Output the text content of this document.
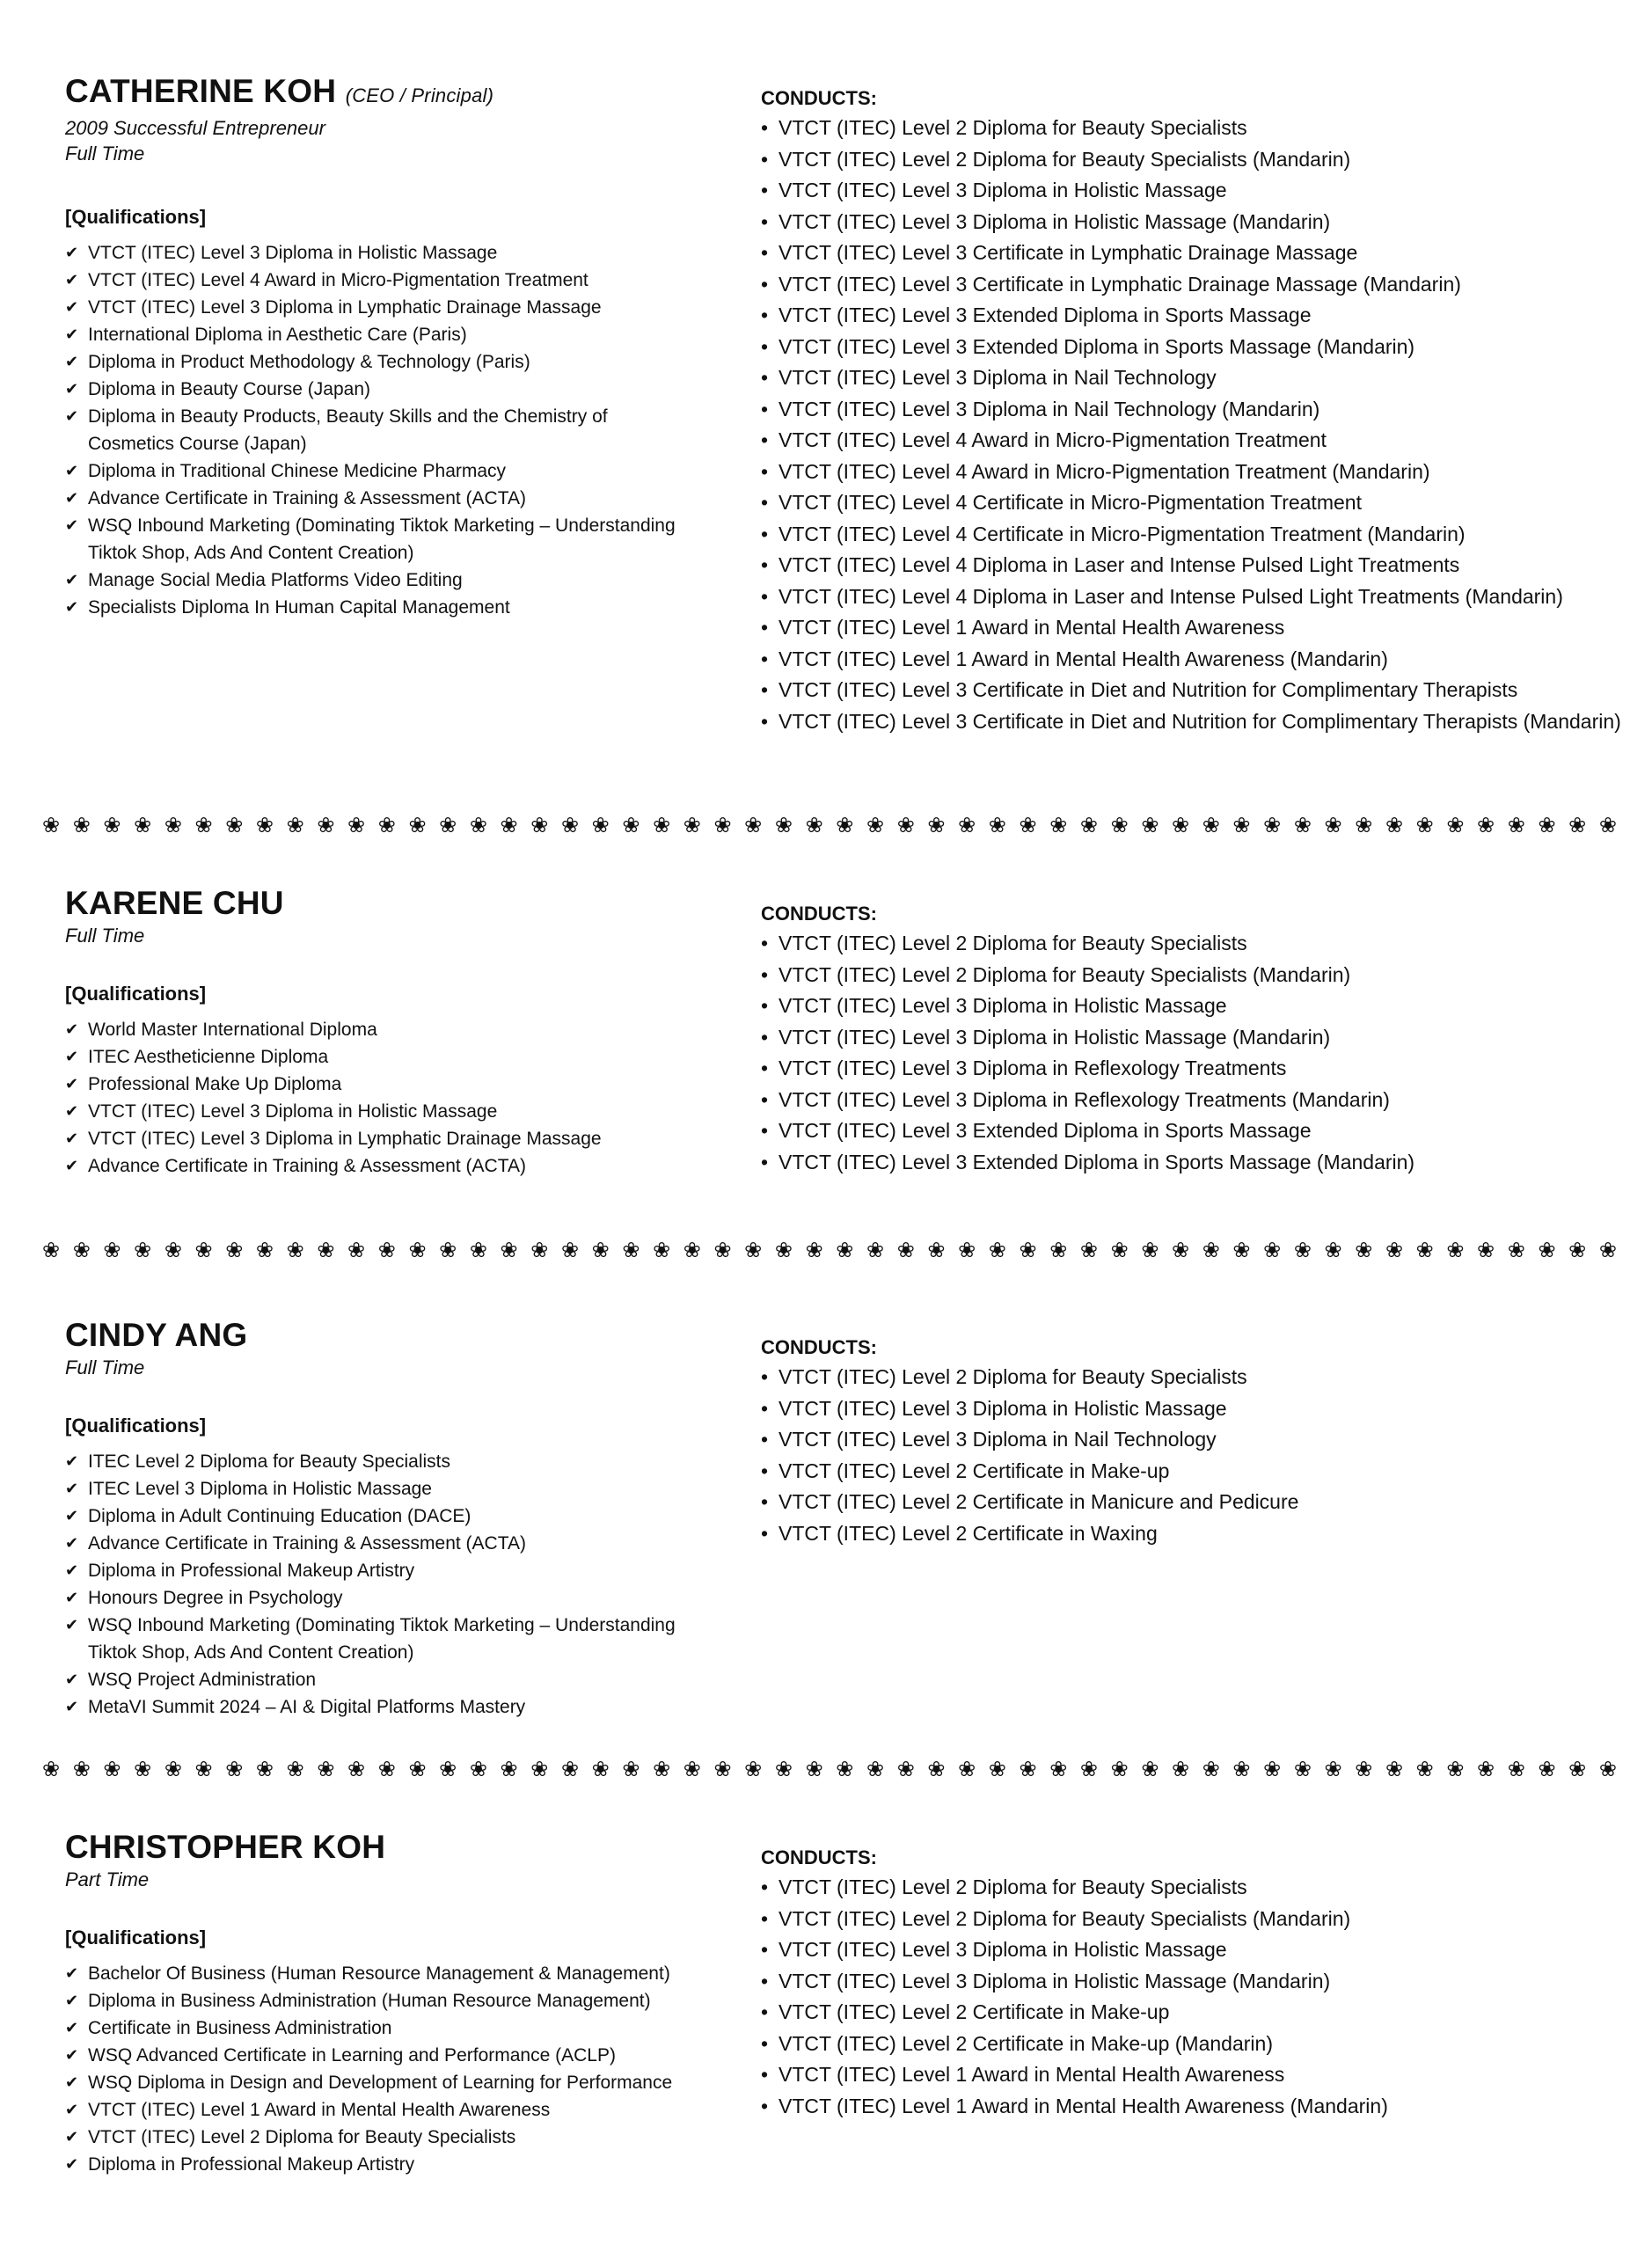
CATHERINE KOH (CEO / Principal)
2009 Successful Entrepreneur
Full Time
[Qualifications]
✔ VTCT (ITEC) Level 3 Diploma in Holistic Massage
✔ VTCT (ITEC) Level 4 Award in Micro-Pigmentation Treatment
✔ VTCT (ITEC) Level 3 Diploma in Lymphatic Drainage Massage
✔ International Diploma in Aesthetic Care (Paris)
✔ Diploma in Product Methodology & Technology (Paris)
✔ Diploma in Beauty Course (Japan)
✔ Diploma in Beauty Products, Beauty Skills and the Chemistry of Cosmetics Course (Japan)
✔ Diploma in Traditional Chinese Medicine Pharmacy
✔ Advance Certificate in Training & Assessment (ACTA)
✔ WSQ Inbound Marketing (Dominating Tiktok Marketing – Understanding Tiktok Shop, Ads And Content Creation)
✔ Manage Social Media Platforms Video Editing
✔ Specialists Diploma In Human Capital Management
CONDUCTS:
• VTCT (ITEC) Level 2 Diploma for Beauty Specialists
• VTCT (ITEC) Level 2 Diploma for Beauty Specialists (Mandarin)
• VTCT (ITEC) Level 3 Diploma in Holistic Massage
• VTCT (ITEC) Level 3 Diploma in Holistic Massage (Mandarin)
• VTCT (ITEC) Level 3 Certificate in Lymphatic Drainage Massage
• VTCT (ITEC) Level 3 Certificate in Lymphatic Drainage Massage (Mandarin)
• VTCT (ITEC) Level 3 Extended Diploma in Sports Massage
• VTCT (ITEC) Level 3 Extended Diploma in Sports Massage (Mandarin)
• VTCT (ITEC) Level 3 Diploma in Nail Technology
• VTCT (ITEC) Level 3 Diploma in Nail Technology (Mandarin)
• VTCT (ITEC) Level 4 Award in Micro-Pigmentation Treatment
• VTCT (ITEC) Level 4 Award in Micro-Pigmentation Treatment (Mandarin)
• VTCT (ITEC) Level 4 Certificate in Micro-Pigmentation Treatment
• VTCT (ITEC) Level 4 Certificate in Micro-Pigmentation Treatment (Mandarin)
• VTCT (ITEC) Level 4 Diploma in Laser and Intense Pulsed Light Treatments
• VTCT (ITEC) Level 4 Diploma in Laser and Intense Pulsed Light Treatments (Mandarin)
• VTCT (ITEC) Level 1 Award in Mental Health Awareness
• VTCT (ITEC) Level 1 Award in Mental Health Awareness (Mandarin)
• VTCT (ITEC) Level 3 Certificate in Diet and Nutrition for Complimentary Therapists
• VTCT (ITEC) Level 3 Certificate in Diet and Nutrition for Complimentary Therapists (Mandarin)
KARENE CHU
Full Time
[Qualifications]
✔ World Master International Diploma
✔ ITEC Aestheticienne Diploma
✔ Professional Make Up Diploma
✔ VTCT (ITEC) Level 3 Diploma in Holistic Massage
✔ VTCT (ITEC) Level 3 Diploma in Lymphatic Drainage Massage
✔ Advance Certificate in Training & Assessment (ACTA)
CONDUCTS:
• VTCT (ITEC) Level 2 Diploma for Beauty Specialists
• VTCT (ITEC) Level 2 Diploma for Beauty Specialists (Mandarin)
• VTCT (ITEC) Level 3 Diploma in Holistic Massage
• VTCT (ITEC) Level 3 Diploma in Holistic Massage (Mandarin)
• VTCT (ITEC) Level 3 Diploma in Reflexology Treatments
• VTCT (ITEC) Level 3 Diploma in Reflexology Treatments (Mandarin)
• VTCT (ITEC) Level 3 Extended Diploma in Sports Massage
• VTCT (ITEC) Level 3 Extended Diploma in Sports Massage (Mandarin)
CINDY ANG
Full Time
[Qualifications]
✔ ITEC Level 2 Diploma for Beauty Specialists
✔ ITEC Level 3 Diploma in Holistic Massage
✔ Diploma in Adult Continuing Education (DACE)
✔ Advance Certificate in Training & Assessment (ACTA)
✔ Diploma in Professional Makeup Artistry
✔ Honours Degree in Psychology
✔ WSQ Inbound Marketing (Dominating Tiktok Marketing – Understanding Tiktok Shop, Ads And Content Creation)
✔ WSQ Project Administration
✔ MetaVI Summit 2024 – AI & Digital Platforms Mastery
CONDUCTS:
• VTCT (ITEC) Level 2 Diploma for Beauty Specialists
• VTCT (ITEC) Level 3 Diploma in Holistic Massage
• VTCT (ITEC) Level 3 Diploma in Nail Technology
• VTCT (ITEC) Level 2 Certificate in Make-up
• VTCT (ITEC) Level 2 Certificate in Manicure and Pedicure
• VTCT (ITEC) Level 2 Certificate in Waxing
CHRISTOPHER KOH
Part Time
[Qualifications]
✔ Bachelor Of Business (Human Resource Management & Management)
✔ Diploma in Business Administration (Human Resource Management)
✔ Certificate in Business Administration
✔ WSQ Advanced Certificate in Learning and Performance (ACLP)
✔ WSQ Diploma in Design and Development of Learning for Performance
✔ VTCT (ITEC) Level 1 Award in Mental Health Awareness
✔ VTCT (ITEC) Level 2 Diploma for Beauty Specialists
✔ Diploma in Professional Makeup Artistry
CONDUCTS:
• VTCT (ITEC) Level 2 Diploma for Beauty Specialists
• VTCT (ITEC) Level 2 Diploma for Beauty Specialists (Mandarin)
• VTCT (ITEC) Level 3 Diploma in Holistic Massage
• VTCT (ITEC) Level 3 Diploma in Holistic Massage (Mandarin)
• VTCT (ITEC) Level 2 Certificate in Make-up
• VTCT (ITEC) Level 2 Certificate in Make-up (Mandarin)
• VTCT (ITEC) Level 1 Award in Mental Health Awareness
• VTCT (ITEC) Level 1 Award in Mental Health Awareness (Mandarin)
❀ ❀ ❀ ❀ ❀ ❀ ❀ ❀ ❀ ❀ ❀ ❀ ❀ ❀ ❀ ❀ ❀ ❀ ❀ ❀ ❀ ❀ ❀ ❀ ❀ ❀ ❀ ❀ ❀ ❀ ❀ ❀ ❀ ❀ ❀ ❀ ❀ ❀ ❀ ❀ ❀ ❀ ❀ ❀ ❀ ❀ ❀ ❀ ❀ ❀ ❀ ❀
❀ ❀ ❀ ❀ ❀ ❀ ❀ ❀ ❀ ❀ ❀ ❀ ❀ ❀ ❀ ❀ ❀ ❀ ❀ ❀ ❀ ❀ ❀ ❀ ❀ ❀ ❀ ❀ ❀ ❀ ❀ ❀ ❀ ❀ ❀ ❀ ❀ ❀ ❀ ❀ ❀ ❀ ❀ ❀ ❀ ❀ ❀ ❀ ❀ ❀ ❀ ❀
❀ ❀ ❀ ❀ ❀ ❀ ❀ ❀ ❀ ❀ ❀ ❀ ❀ ❀ ❀ ❀ ❀ ❀ ❀ ❀ ❀ ❀ ❀ ❀ ❀ ❀ ❀ ❀ ❀ ❀ ❀ ❀ ❀ ❀ ❀ ❀ ❀ ❀ ❀ ❀ ❀ ❀ ❀ ❀ ❀ ❀ ❀ ❀ ❀ ❀ ❀ ❀
